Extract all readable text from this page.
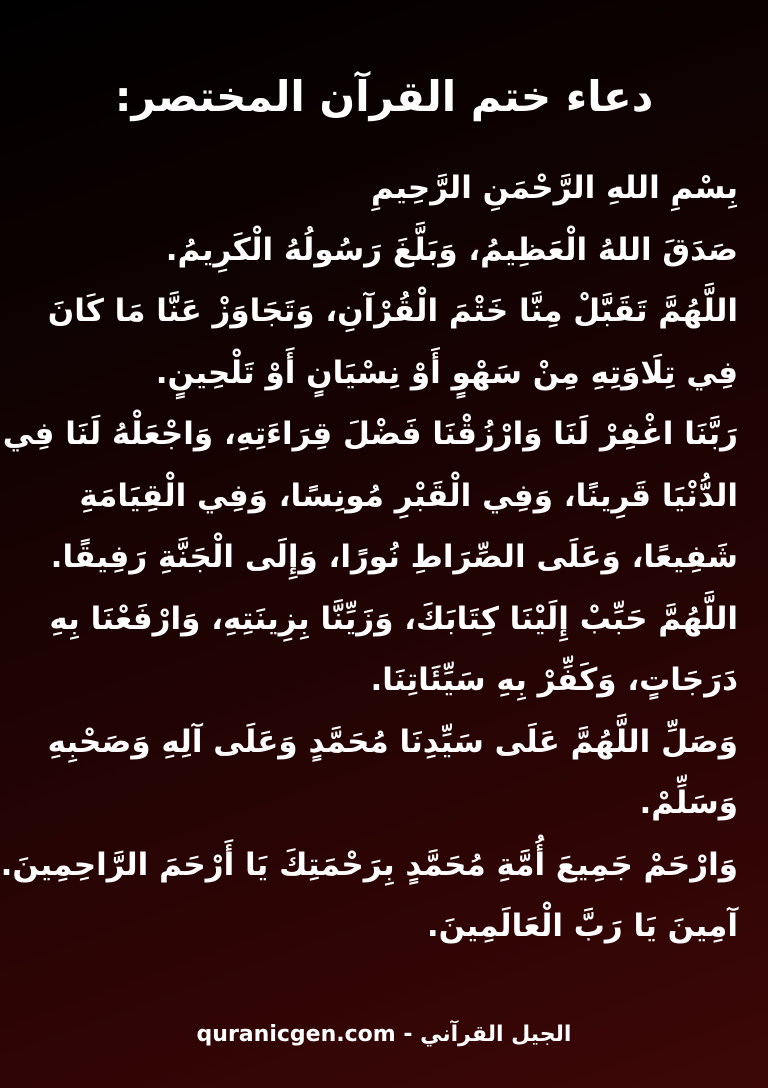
دعاء ختم القرآن المختصر:
بِسْمِ اللهِ الرَّحْمَنِ الرَّحِيمِ
صَدَقَ اللهُ الْعَظِيمُ، وَبَلَّغَ رَسُولُهُ الْكَرِيمُ.
اللَّهُمَّ تَقَبَّلْ مِنَّا خَتْمَ الْقُرْآنِ، وَتَجَاوَزْ عَنَّا مَا كَانَ
فِي تِلَاوَتِهِ مِنْ سَهْوٍ أَوْ نِسْيَانٍ أَوْ تَلْحِينٍ.
رَبَّنَا اغْفِرْ لَنَا وَارْزُقْنَا فَضْلَ قِرَاءَتِهِ، وَاجْعَلْهُ لَنَا فِي
الدُّنْيَا قَرِينًا، وَفِي الْقَبْرِ مُونِسًا، وَفِي الْقِيَامَةِ
شَفِيعًا، وَعَلَى الصِّرَاطِ نُورًا، وَإِلَى الْجَنَّةِ رَفِيقًا.
اللَّهُمَّ حَبِّبْ إِلَيْنَا كِتَابَكَ، وَزَيِّنَّا بِزِينَتِهِ، وَارْفَعْنَا بِهِ
دَرَجَاتٍ، وَكَفِّرْ بِهِ سَيِّئَاتِنَا.
وَصَلِّ اللَّهُمَّ عَلَى سَيِّدِنَا مُحَمَّدٍ وَعَلَى آلِهِ وَصَحْبِهِ
وَسَلِّمْ.
وَارْحَمْ جَمِيعَ أُمَّةِ مُحَمَّدٍ بِرَحْمَتِكَ يَا أَرْحَمَ الرَّاحِمِينَ.
آمِينَ يَا رَبَّ الْعَالَمِينَ.
quranicgen.com - الجيل القرآني
